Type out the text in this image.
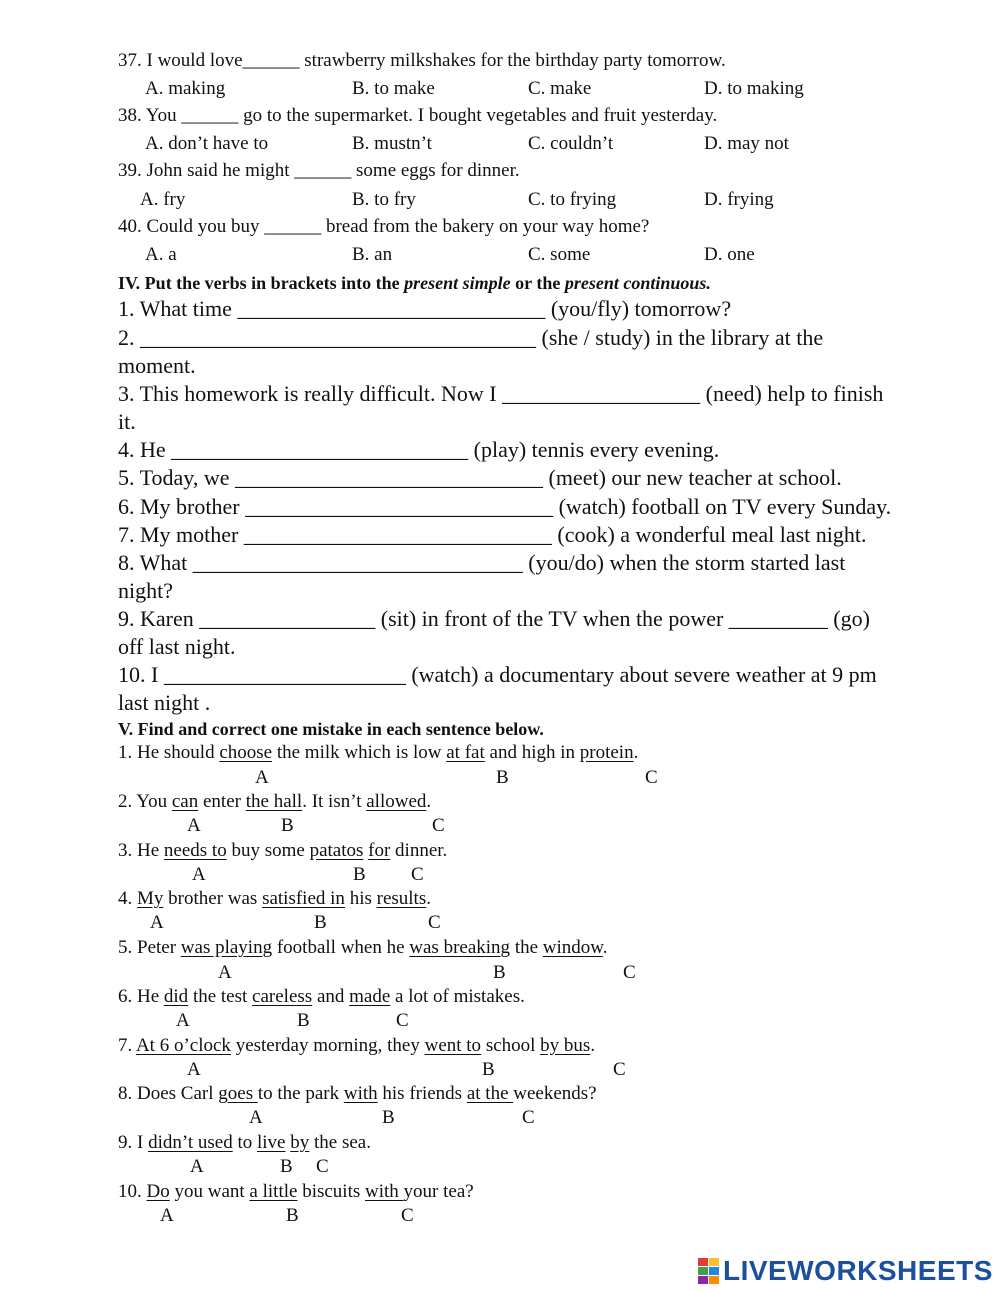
37. I would love______ strawberry milkshakes for the birthday party tomorrow.
A. making	B. to make	C. make	D. to making
38. You ______ go to the supermarket. I bought vegetables and fruit yesterday.
A. don’t have to	B. mustn’t	C. couldn’t	D. may not
39. John said he might ______ some eggs for dinner.
A. fry	B. to fry	C. to frying	D. frying
40. Could you buy ______ bread from the bakery on your way home?
A. a	B. an	C. some	D. one
IV. Put the verbs in brackets into the present simple or the present continuous.
1. What time ____________________________ (you/fly) tomorrow?
2. ____________________________________ (she / study) in the library at the
moment.
3. This homework is really difficult. Now I __________________ (need) help to finish
it.
4. He ___________________________ (play) tennis every evening.
5. Today, we ____________________________ (meet) our new teacher at school.
6. My brother ____________________________ (watch) football on TV every Sunday.
7. My mother ____________________________ (cook) a wonderful meal last night.
8. What ______________________________ (you/do) when the storm started last
night?
9. Karen ________________ (sit) in front of the TV when the power _________ (go)
off last night.
10. I ______________________ (watch) a documentary about severe weather at 9 pm
last night .
V. Find and correct one mistake in each sentence below.
1. He should choose the milk which is low at fat and high in protein.
A	B	C
2. You can enter the hall. It isn’t allowed.
A	B	C
3. He needs to buy some patatos for dinner.
A	B C
4. My brother was satisfied in his results.
A	B	C
5. Peter was playing football when he was breaking the window.
A	B	C
6. He did the test careless and made a lot of mistakes.
A	B	C
7. At 6 o’clock yesterday morning, they went to school by bus.
A	B	C
8. Does Carl goes to the park with his friends at the weekends?
A	B	C
9. I didn’t used to live by the sea.
A	B C
10. Do you want a little biscuits with your tea?
A	B	C
LIVEWORKSHEETS
